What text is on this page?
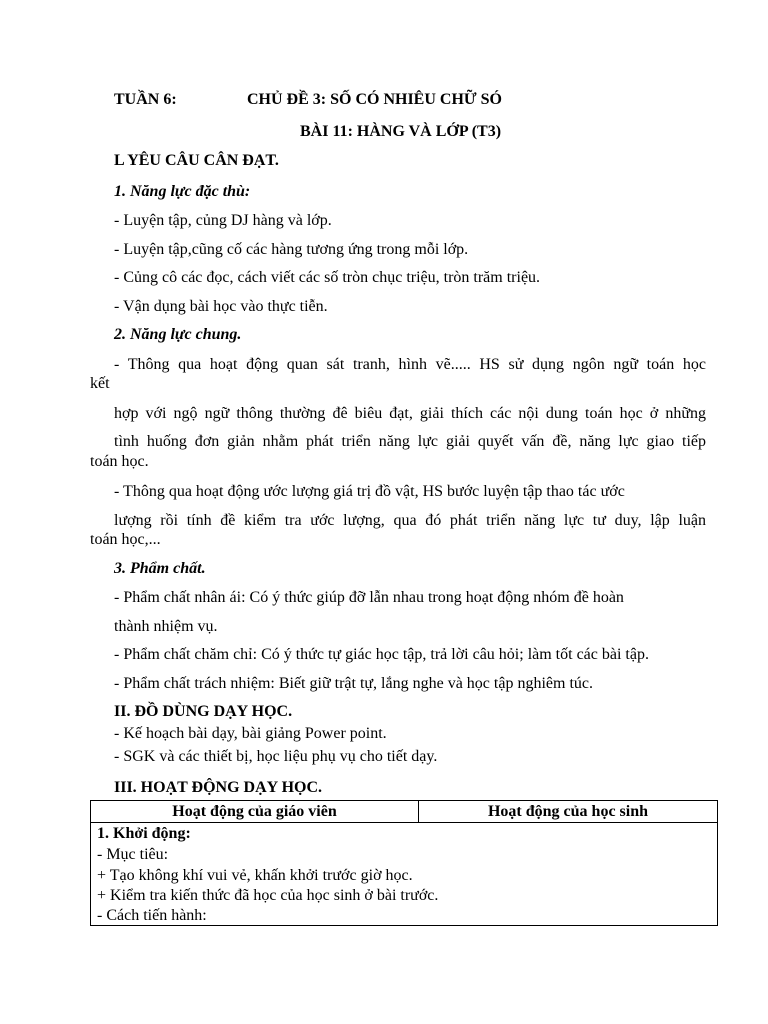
TUẦN 6:	CHỦ ĐỀ 3: SỐ CÓ NHIÊU CHỮ SÓ
BÀI 11: HÀNG VÀ LỚP (T3)
L YÊU CÂU CÂN ĐẠT.
1. Năng lực đặc thù:
- Luyện tập, củng DJ hàng và lớp.
- Luyện tập,cũng cố các hàng tương ứng trong mỗi lớp.
- Củng cô các đọc, cách viết các số tròn chục triệu, tròn trăm triệu.
- Vận dụng bài học vào thực tiễn.
2. Năng lực chung.
- Thông qua hoạt động quan sát tranh, hình vẽ..... HS sử dụng ngôn ngữ toán học
kết
hợp với ngộ ngữ thông thường đê biêu đạt, giải thích các nội dung toán học ở những
tình huống đơn giản nhằm phát triển năng lực giải quyết vấn đề, năng lực giao tiếp
toán học.
- Thông qua hoạt động ước lượng giá trị đồ vật, HS bước luyện tập thao tác ước
lượng rồi tính đề kiểm tra ước lượng, qua đó phát triển năng lực tư duy, lập luận
toán học,...
3. Phẩm chất.
- Phẩm chất nhân ái: Có ý thức giúp đỡ lẫn nhau trong hoạt động nhóm đề hoàn
thành nhiệm vụ.
- Phẩm chất chăm chỉ: Có ý thức tự giác học tập, trả lời câu hỏi; làm tốt các bài tập.
- Phẩm chất trách nhiệm: Biết giữ trật tự, lắng nghe và học tập nghiêm túc.
II. ĐỒ DÙNG DẠY HỌC.
- Kế hoạch bài dạy, bài giảng Power point.
- SGK và các thiết bị, học liệu phụ vụ cho tiết dạy.
III. HOẠT ĐỘNG DẠY HỌC.
Hoạt động của giáo viên	Hoạt động của học sinh
1. Khởi động:
- Mục tiêu:
+ Tạo không khí vui vẻ, khấn khởi trước giờ học.
+ Kiểm tra kiến thức đã học của học sinh ở bài trước.
- Cách tiến hành:
